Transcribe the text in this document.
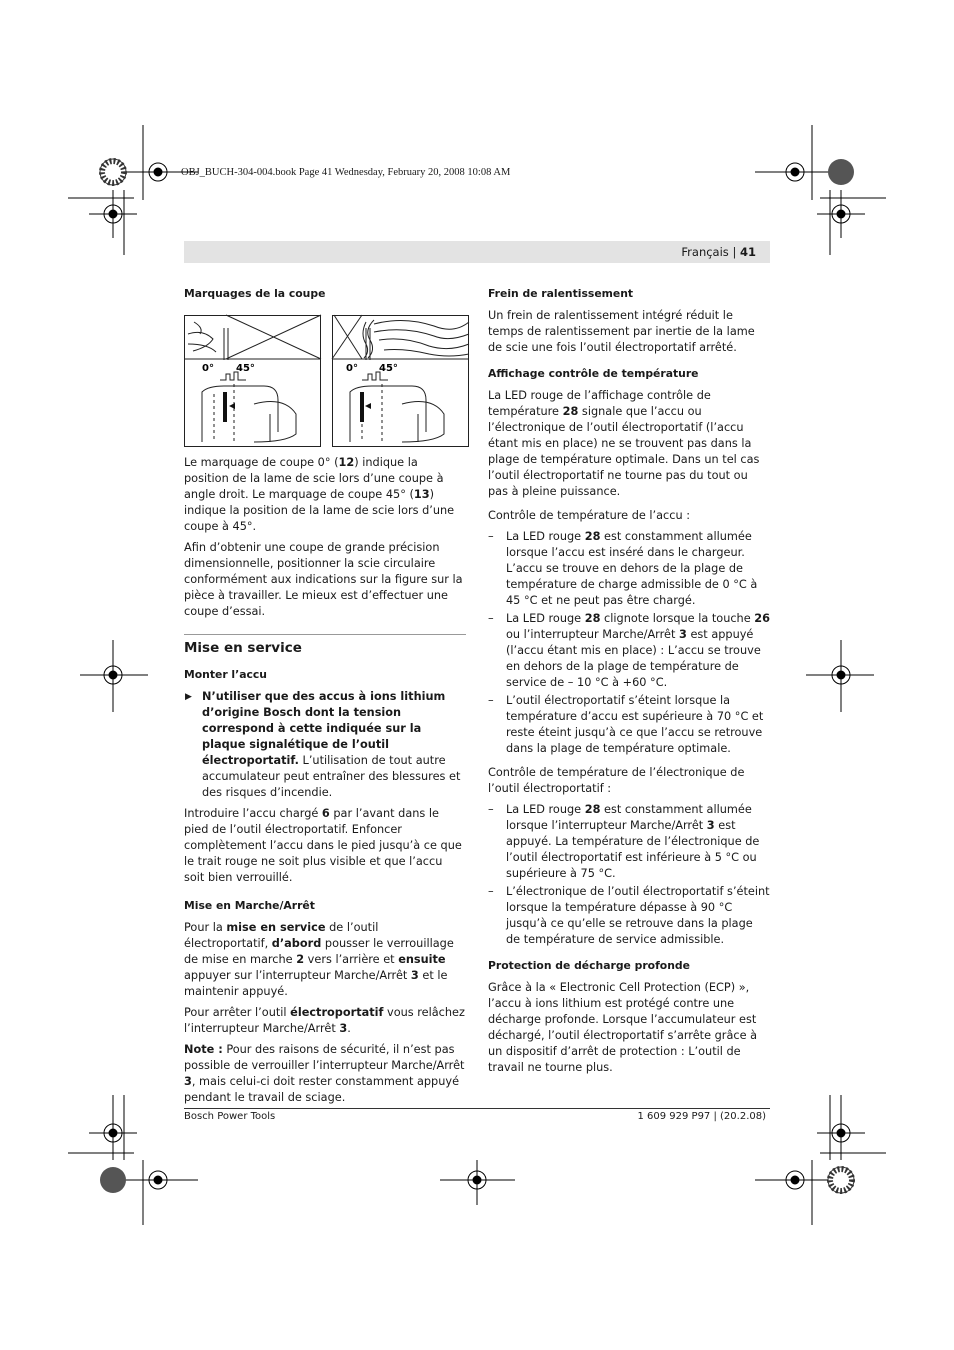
OBJ_BUCH-304-004.book Page 41 Wednesday, February 20, 2008 10:08 AM
Français | 41
Marquages de la coupe
0° 45°	0° 45°

Le marquage de coupe 0° (12) indique la position de la lame de scie lors d’une coupe à angle droit. Le marquage de coupe 45° (13) indique la position de la lame de scie lors d’une coupe à 45°.

Afin d’obtenir une coupe de grande précision dimensionnelle, positionner la scie circulaire conformément aux indications sur la figure sur la pièce à travailler. Le mieux est d’effectuer une coupe d’essai.

Mise en service
Monter l’accu
▶ N’utiliser que des accus à ions lithium d’origine Bosch dont la tension correspond à cette indiquée sur la plaque signalétique de l’outil électroportatif. L’utilisation de tout autre accumulateur peut entraîner des blessures et des risques d’incendie.

Introduire l’accu chargé 6 par l’avant dans le pied de l’outil électroportatif. Enfoncer complètement l’accu dans le pied jusqu’à ce que le trait rouge ne soit plus visible et que l’accu soit bien verrouillé.

Mise en Marche/Arrêt

Pour la mise en service de l’outil électroportatif, d’abord pousser le verrouillage de mise en marche 2 vers l’arrière et ensuite appuyer sur l’interrupteur Marche/Arrêt 3 et le maintenir appuyé.

Pour arrêter l’outil électroportatif vous relâchez l’interrupteur Marche/Arrêt 3.

Note : Pour des raisons de sécurité, il n’est pas possible de verrouiller l’interrupteur Marche/Arrêt 3, mais celui-ci doit rester constamment appuyé pendant le travail de sciage.

Frein de ralentissement

Un frein de ralentissement intégré réduit le temps de ralentissement par inertie de la lame de scie une fois l’outil électroportatif arrêté.

Affichage contrôle de température

La LED rouge de l’affichage contrôle de température 28 signale que l’accu ou l’électronique de l’outil électroportatif (l’accu étant mis en place) ne se trouvent pas dans la plage de température optimale. Dans un tel cas l’outil électroportatif ne tourne pas du tout ou pas à pleine puissance.

Contrôle de température de l’accu :

– La LED rouge 28 est constamment allumée lorsque l’accu est inséré dans le chargeur. L’accu se trouve en dehors de la plage de température de charge admissible de 0 °C à 45 °C et ne peut pas être chargé.
– La LED rouge 28 clignote lorsque la touche 26 ou l’interrupteur Marche/Arrêt 3 est appuyé (l’accu étant mis en place) : L’accu se trouve en dehors de la plage de température de service de – 10 °C à +60 °C.
– L’outil électroportatif s’éteint lorsque la température d’accu est supérieure à 70 °C et reste éteint jusqu’à ce que l’accu se retrouve dans la plage de température optimale.

Contrôle de température de l’électronique de l’outil électroportatif :

– La LED rouge 28 est constamment allumée lorsque l’interrupteur Marche/Arrêt 3 est appuyé. La température de l’électronique de l’outil électroportatif est inférieure à 5 °C ou supérieure à 75 °C.
– L’électronique de l’outil électroportatif s’éteint lorsque la température dépasse à 90 °C jusqu’à ce qu’elle se retrouve dans la plage de température de service admissible.
Protection de décharge profonde

Grâce à la « Electronic Cell Protection (ECP) », l’accu à ions lithium est protégé contre une décharge profonde. Lorsque l’accumulateur est déchargé, l’outil électroportatif s’arrête grâce à un dispositif d’arrêt de protection : L’outil de travail ne tourne plus.

Bosch Power Tools	1 609 929 P97 | (20.2.08)
